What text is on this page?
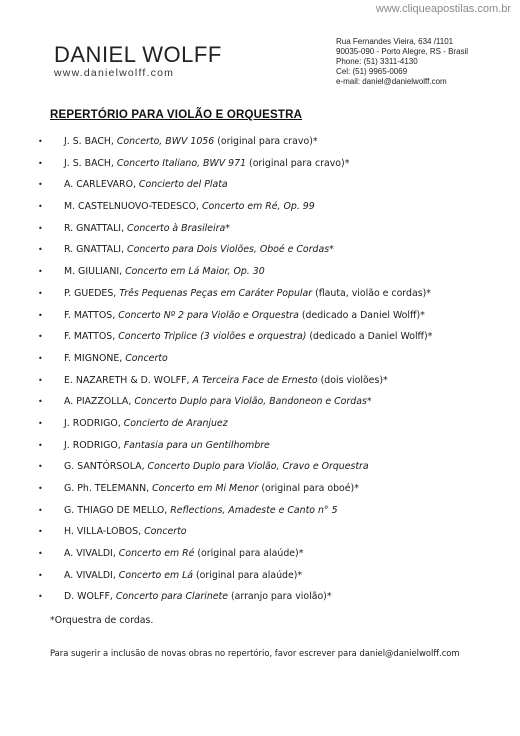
www.cliqueapostilas.com.br
DANIEL WOLFF
www.danielwolff.com
Rua Fernandes Vieira, 634 /1101
90035-090 - Porto Alegre, RS - Brasil
Phone: (51) 3311-4130
Cel: (51) 9965-0069
e-mail: daniel@danielwolff.com
REPERTÓRIO PARA VIOLÃO E ORQUESTRA
• J. S. BACH, Concerto, BWV 1056 (original para cravo)*
• J. S. BACH, Concerto Italiano, BWV 971 (original para cravo)*
• A. CARLEVARO, Concierto del Plata
• M. CASTELNUOVO-TEDESCO, Concerto em Ré, Op. 99
• R. GNATTALI, Concerto à Brasileira*
• R. GNATTALI, Concerto para Dois Violões, Oboé e Cordas*
• M. GIULIANI, Concerto em Lá Maior, Op. 30
• P. GUEDES, Três Pequenas Peças em Caráter Popular (flauta, violão e cordas)*
• F. MATTOS, Concerto Nº 2 para Violão e Orquestra (dedicado a Daniel Wolff)*
• F. MATTOS, Concerto Triplice (3 violões e orquestra) (dedicado a Daniel Wolff)*
• F. MIGNONE, Concerto
• E. NAZARETH & D. WOLFF, A Terceira Face de Ernesto (dois violões)*
• A. PIAZZOLLA, Concerto Duplo para Violão, Bandoneon e Cordas*
• J. RODRIGO, Concierto de Aranjuez
• J. RODRIGO, Fantasia para un Gentilhombre
• G. SANTÓRSOLA, Concerto Duplo para Violão, Cravo e Orquestra
• G. Ph. TELEMANN, Concerto em Mi Menor (original para oboé)*
• G. THIAGO DE MELLO, Reflections, Amadeste e Canto n° 5
• H. VILLA-LOBOS, Concerto
• A. VIVALDI, Concerto em Ré (original para alaúde)*
• A. VIVALDI, Concerto em Lá (original para alaúde)*
• D. WOLFF, Concerto para Clarinete (arranjo para violão)*
*Orquestra de cordas.
Para sugerir a inclusão de novas obras no repertório, favor escrever para daniel@danielwolff.com
